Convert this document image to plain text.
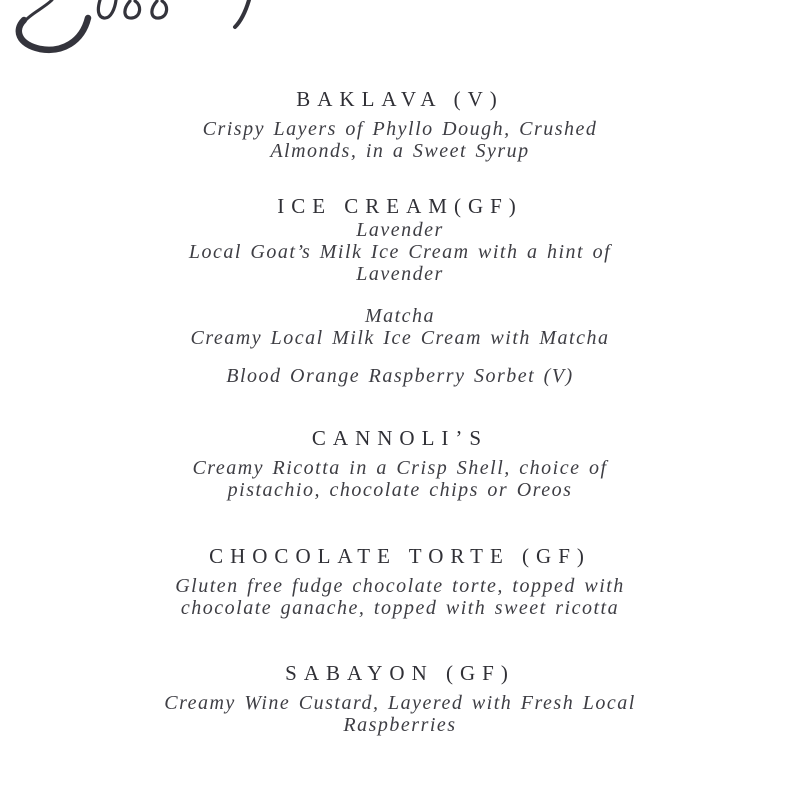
BAKLAVA (V)
Crispy Layers of Phyllo Dough, Crushed
Almonds, in a Sweet Syrup
ICE CREAM(GF)
Lavender
Local Goat’s Milk Ice Cream with a hint of
Lavender
Matcha
Creamy Local Milk Ice Cream with Matcha
Blood Orange Raspberry Sorbet (V)
CANNOLI’S
Creamy Ricotta in a Crisp Shell, choice of
pistachio, chocolate chips or Oreos
CHOCOLATE TORTE (GF)
Gluten free fudge chocolate torte, topped with
chocolate ganache, topped with sweet ricotta
SABAYON (GF)
Creamy Wine Custard, Layered with Fresh Local
Raspberries
